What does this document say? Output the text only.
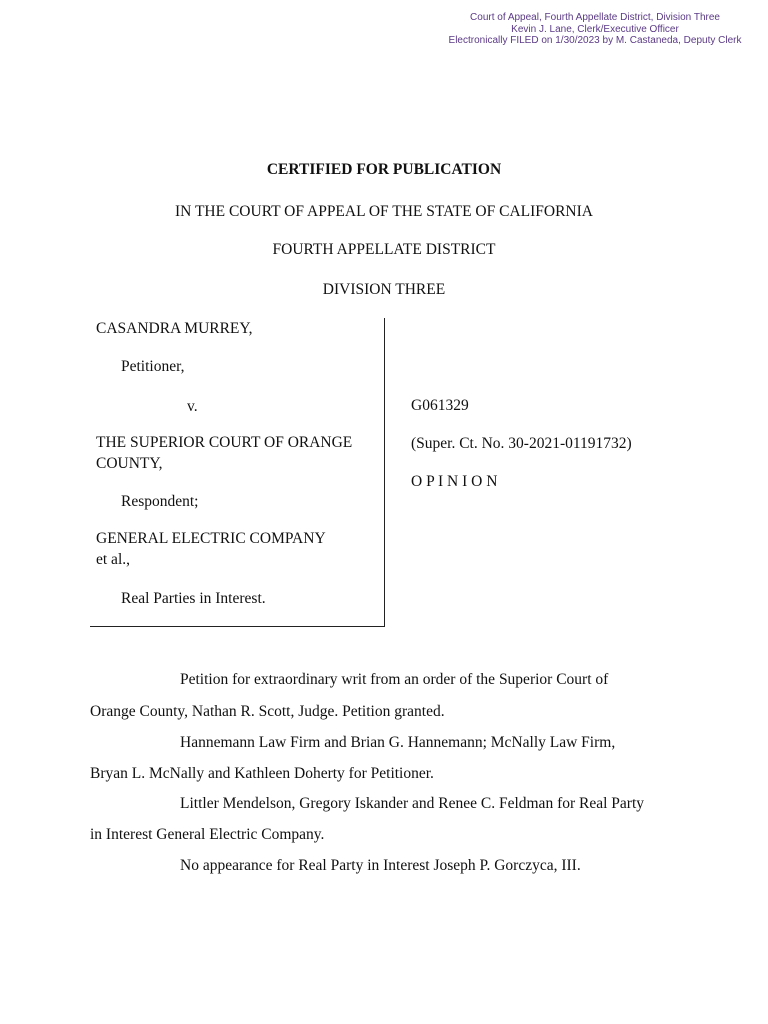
Court of Appeal, Fourth Appellate District, Division Three
Kevin J. Lane, Clerk/Executive Officer
Electronically FILED on 1/30/2023 by M. Castaneda, Deputy Clerk
CERTIFIED FOR PUBLICATION
IN THE COURT OF APPEAL OF THE STATE OF CALIFORNIA
FOURTH APPELLATE DISTRICT
DIVISION THREE
CASANDRA MURREY,
Petitioner,
v.
THE SUPERIOR COURT OF ORANGE
COUNTY,
Respondent;
GENERAL ELECTRIC COMPANY
et al.,
Real Parties in Interest.
G061329
(Super. Ct. No. 30-2021-01191732)
O P I N I O N
Petition for extraordinary writ from an order of the Superior Court of
Orange County, Nathan R. Scott, Judge. Petition granted.
Hannemann Law Firm and Brian G. Hannemann; McNally Law Firm,
Bryan L. McNally and Kathleen Doherty for Petitioner.
Littler Mendelson, Gregory Iskander and Renee C. Feldman for Real Party
in Interest General Electric Company.
No appearance for Real Party in Interest Joseph P. Gorczyca, III.
